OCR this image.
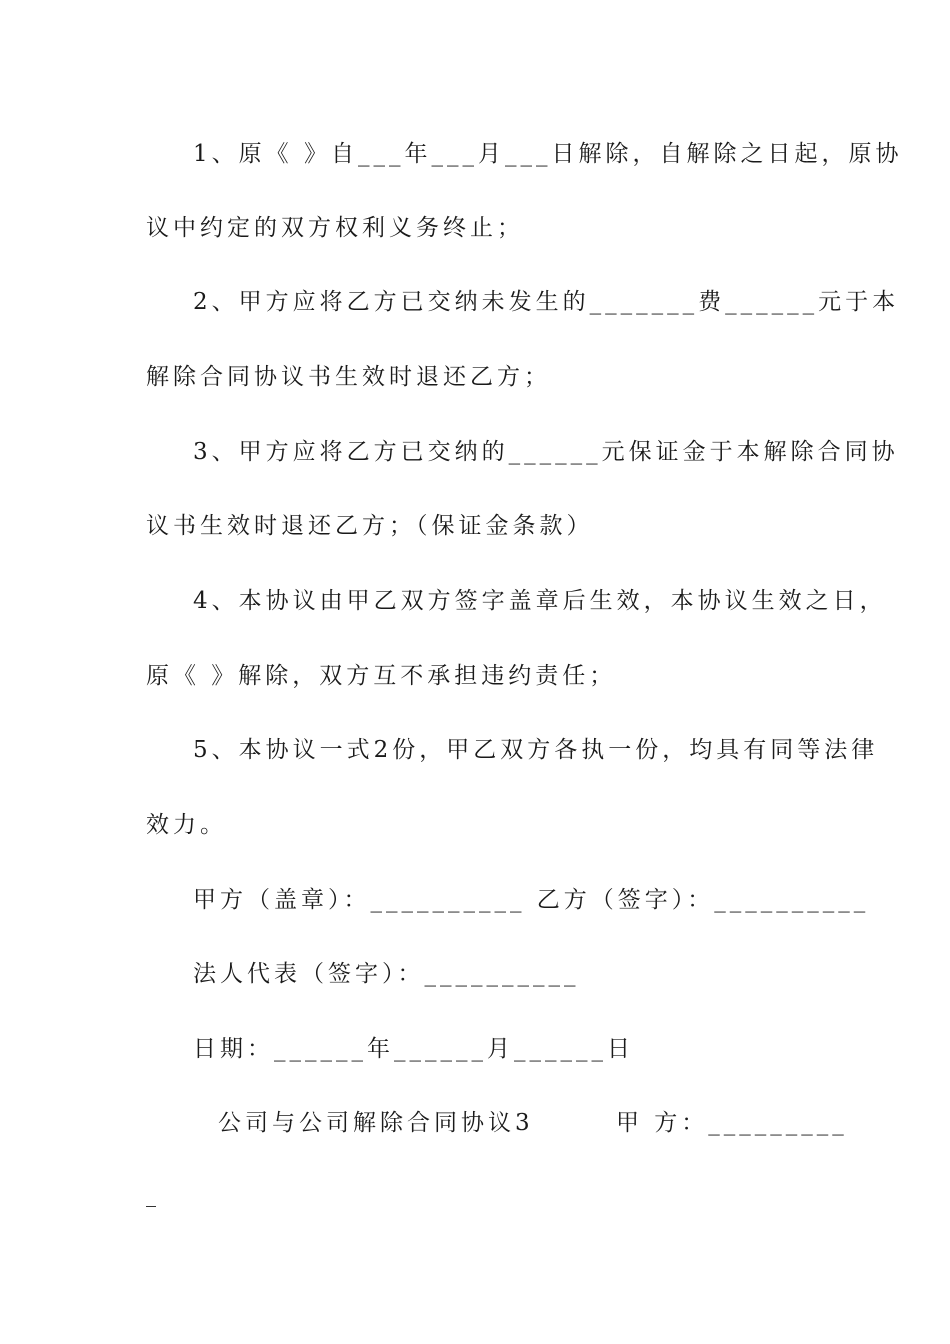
1、原《 》自___年___月___日解除，自解除之日起，原协
议中约定的双方权利义务终止；
2、甲方应将乙方已交纳未发生的_______费______元于本
解除合同协议书生效时退还乙方；
3、甲方应将乙方已交纳的______元保证金于本解除合同协
议书生效时退还乙方；（保证金条款）
4、本协议由甲乙双方签字盖章后生效，本协议生效之日，
原《 》解除，双方互不承担违约责任；
5、本协议一式2份，甲乙双方各执一份，均具有同等法律
效力。
甲方（盖章）：__________ 乙方（签字）：__________
法人代表（签字）：__________
日期：______年______月______日
公司与公司解除合同协议3	甲 方：_________
